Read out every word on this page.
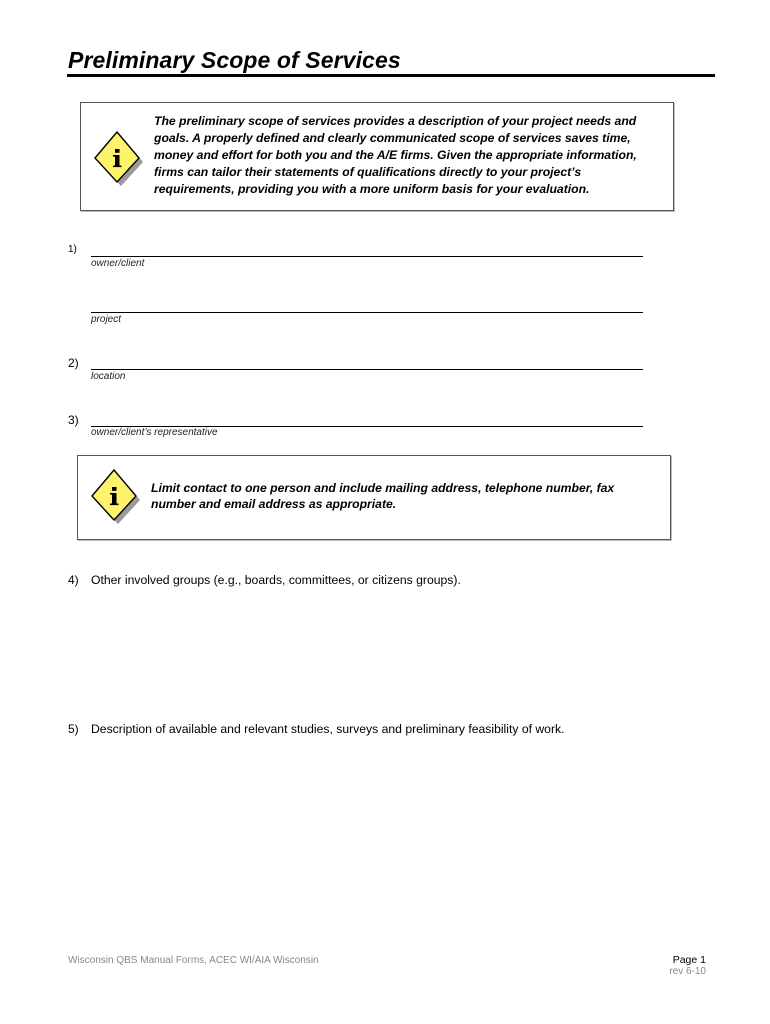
Preliminary Scope of Services
The preliminary scope of services provides a description of your project needs and
goals. A properly defined and clearly communicated scope of services saves time,
money and effort for both you and the A/E firms. Given the appropriate information,
firms can tailor their statements of qualifications directly to your project’s
requirements, providing you with a more uniform basis for your evaluation.
1)
owner/client
project
2)
location
3)
owner/client’s representative
Limit contact to one person and include mailing address, telephone number, fax
number and email address as appropriate.
4) Other involved groups (e.g., boards, committees, or citizens groups).
5) Description of available and relevant studies, surveys and preliminary feasibility of work.
Wisconsin QBS Manual Forms, ACEC WI/AIA Wisconsin	Page 1
rev 6-10
